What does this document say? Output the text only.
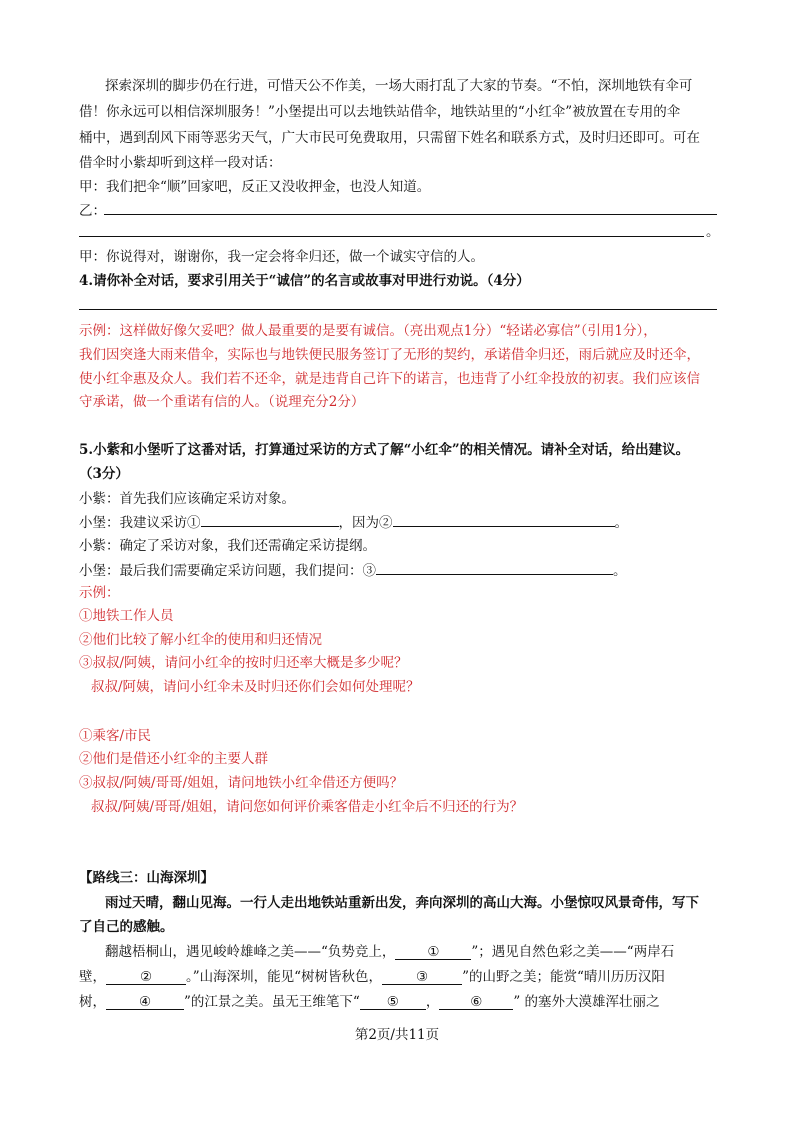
探索深圳的脚步仍在行进，可惜天公不作美，一场大雨打乱了大家的节奏。“不怕，深圳地铁有伞可
借！你永远可以相信深圳服务！”小堡提出可以去地铁站借伞，地铁站里的“小红伞”被放置在专用的伞
桶中，遇到刮风下雨等恶劣天气，广大市民可免费取用，只需留下姓名和联系方式，及时归还即可。可在
借伞时小紫却听到这样一段对话：
甲：我们把伞“顺”回家吧，反正又没收押金，也没人知道。
乙：
。
甲：你说得对，谢谢你，我一定会将伞归还，做一个诚实守信的人。
4.请你补全对话，要求引用关于“诚信”的名言或故事对甲进行劝说。（4分）
示例：这样做好像欠妥吧？做人最重要的是要有诚信。（亮出观点1分）“轻诺必寡信”（引用1分），
我们因突逢大雨来借伞，实际也与地铁便民服务签订了无形的契约，承诺借伞归还，雨后就应及时还伞，
使小红伞惠及众人。我们若不还伞，就是违背自己许下的诺言，也违背了小红伞投放的初衷。我们应该信
守承诺，做一个重诺有信的人。（说理充分2分）
5.小紫和小堡听了这番对话，打算通过采访的方式了解“小红伞”的相关情况。请补全对话，给出建议。
（3分）
小紫：首先我们应该确定采访对象。
小堡：我建议采访①	，因为②	。
小紫：确定了采访对象，我们还需确定采访提纲。
小堡：最后我们需要确定采访问题，我们提问：③	。
示例：
①地铁工作人员
②他们比较了解小红伞的使用和归还情况
③叔叔/阿姨，请问小红伞的按时归还率大概是多少呢？
叔叔/阿姨，请问小红伞未及时归还你们会如何处理呢？
①乘客/市民
②他们是借还小红伞的主要人群
③叔叔/阿姨/哥哥/姐姐，请问地铁小红伞借还方便吗？
叔叔/阿姨/哥哥/姐姐，请问您如何评价乘客借走小红伞后不归还的行为？
【路线三：山海深圳】
雨过天晴，翻山见海。一行人走出地铁站重新出发，奔向深圳的高山大海。小堡惊叹风景奇伟，写下
了自己的感触。
翻越梧桐山，遇见峻岭雄峰之美——“负势竞上， ① ”；遇见自然色彩之美——“两岸石
壁，	②	。”山海深圳，能见“树树皆秋色，	③	”的山野之美；能赏“晴川历历汉阳
树， ④ ”的江景之美。虽无王维笔下“ ⑤ ， ⑥ ” 的塞外大漠雄浑壮丽之
第2页/共11页
